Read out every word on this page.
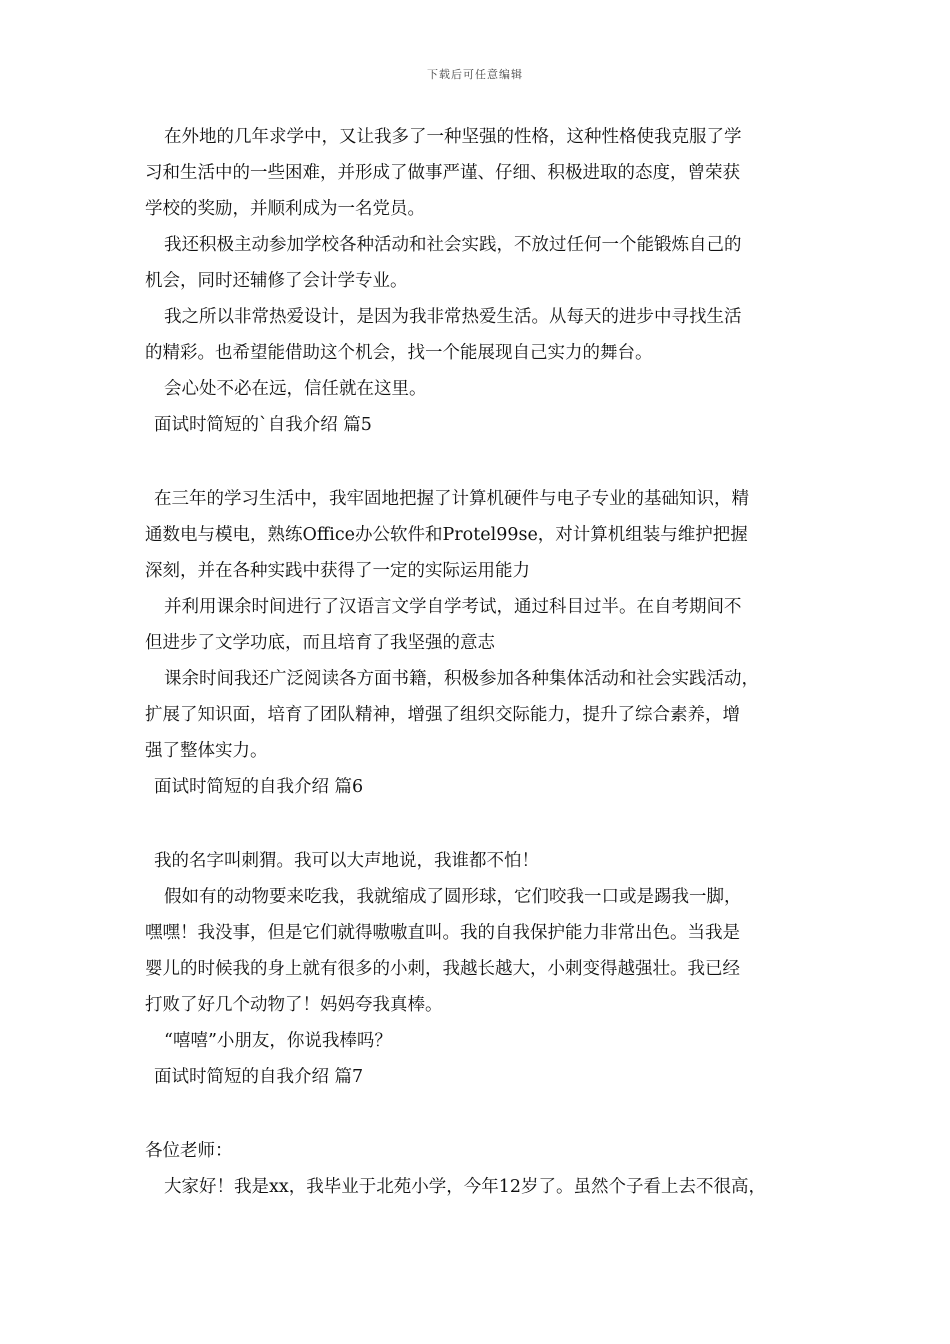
下载后可任意编辑
在外地的几年求学中，又让我多了一种坚强的性格，这种性格使我克服了学
习和生活中的一些困难，并形成了做事严谨、仔细、积极进取的态度，曾荣获
学校的奖励，并顺利成为一名党员。
我还积极主动参加学校各种活动和社会实践，不放过任何一个能锻炼自己的
机会，同时还辅修了会计学专业。
我之所以非常热爱设计，是因为我非常热爱生活。从每天的进步中寻找生活
的精彩。也希望能借助这个机会，找一个能展现自己实力的舞台。
会心处不必在远，信任就在这里。
面试时简短的`自我介绍 篇5
在三年的学习生活中，我牢固地把握了计算机硬件与电子专业的基础知识，精
通数电与模电，熟练Office办公软件和Protel99se，对计算机组装与维护把握
深刻，并在各种实践中获得了一定的实际运用能力
并利用课余时间进行了汉语言文学自学考试，通过科目过半。在自考期间不
但进步了文学功底，而且培育了我坚强的意志
课余时间我还广泛阅读各方面书籍，积极参加各种集体活动和社会实践活动，
扩展了知识面，培育了团队精神，增强了组织交际能力，提升了综合素养，增
强了整体实力。
面试时简短的自我介绍 篇6
我的名字叫刺猬。我可以大声地说，我谁都不怕！
假如有的动物要来吃我，我就缩成了圆形球，它们咬我一口或是踢我一脚，
嘿嘿！我没事，但是它们就得嗷嗷直叫。我的自我保护能力非常出色。当我是
婴儿的时候我的身上就有很多的小刺，我越长越大，小刺变得越强壮。我已经
打败了好几个动物了！妈妈夸我真棒。
“嘻嘻”小朋友，你说我棒吗？
面试时简短的自我介绍 篇7
各位老师：
大家好！我是xx，我毕业于北苑小学，今年12岁了。虽然个子看上去不很高，
